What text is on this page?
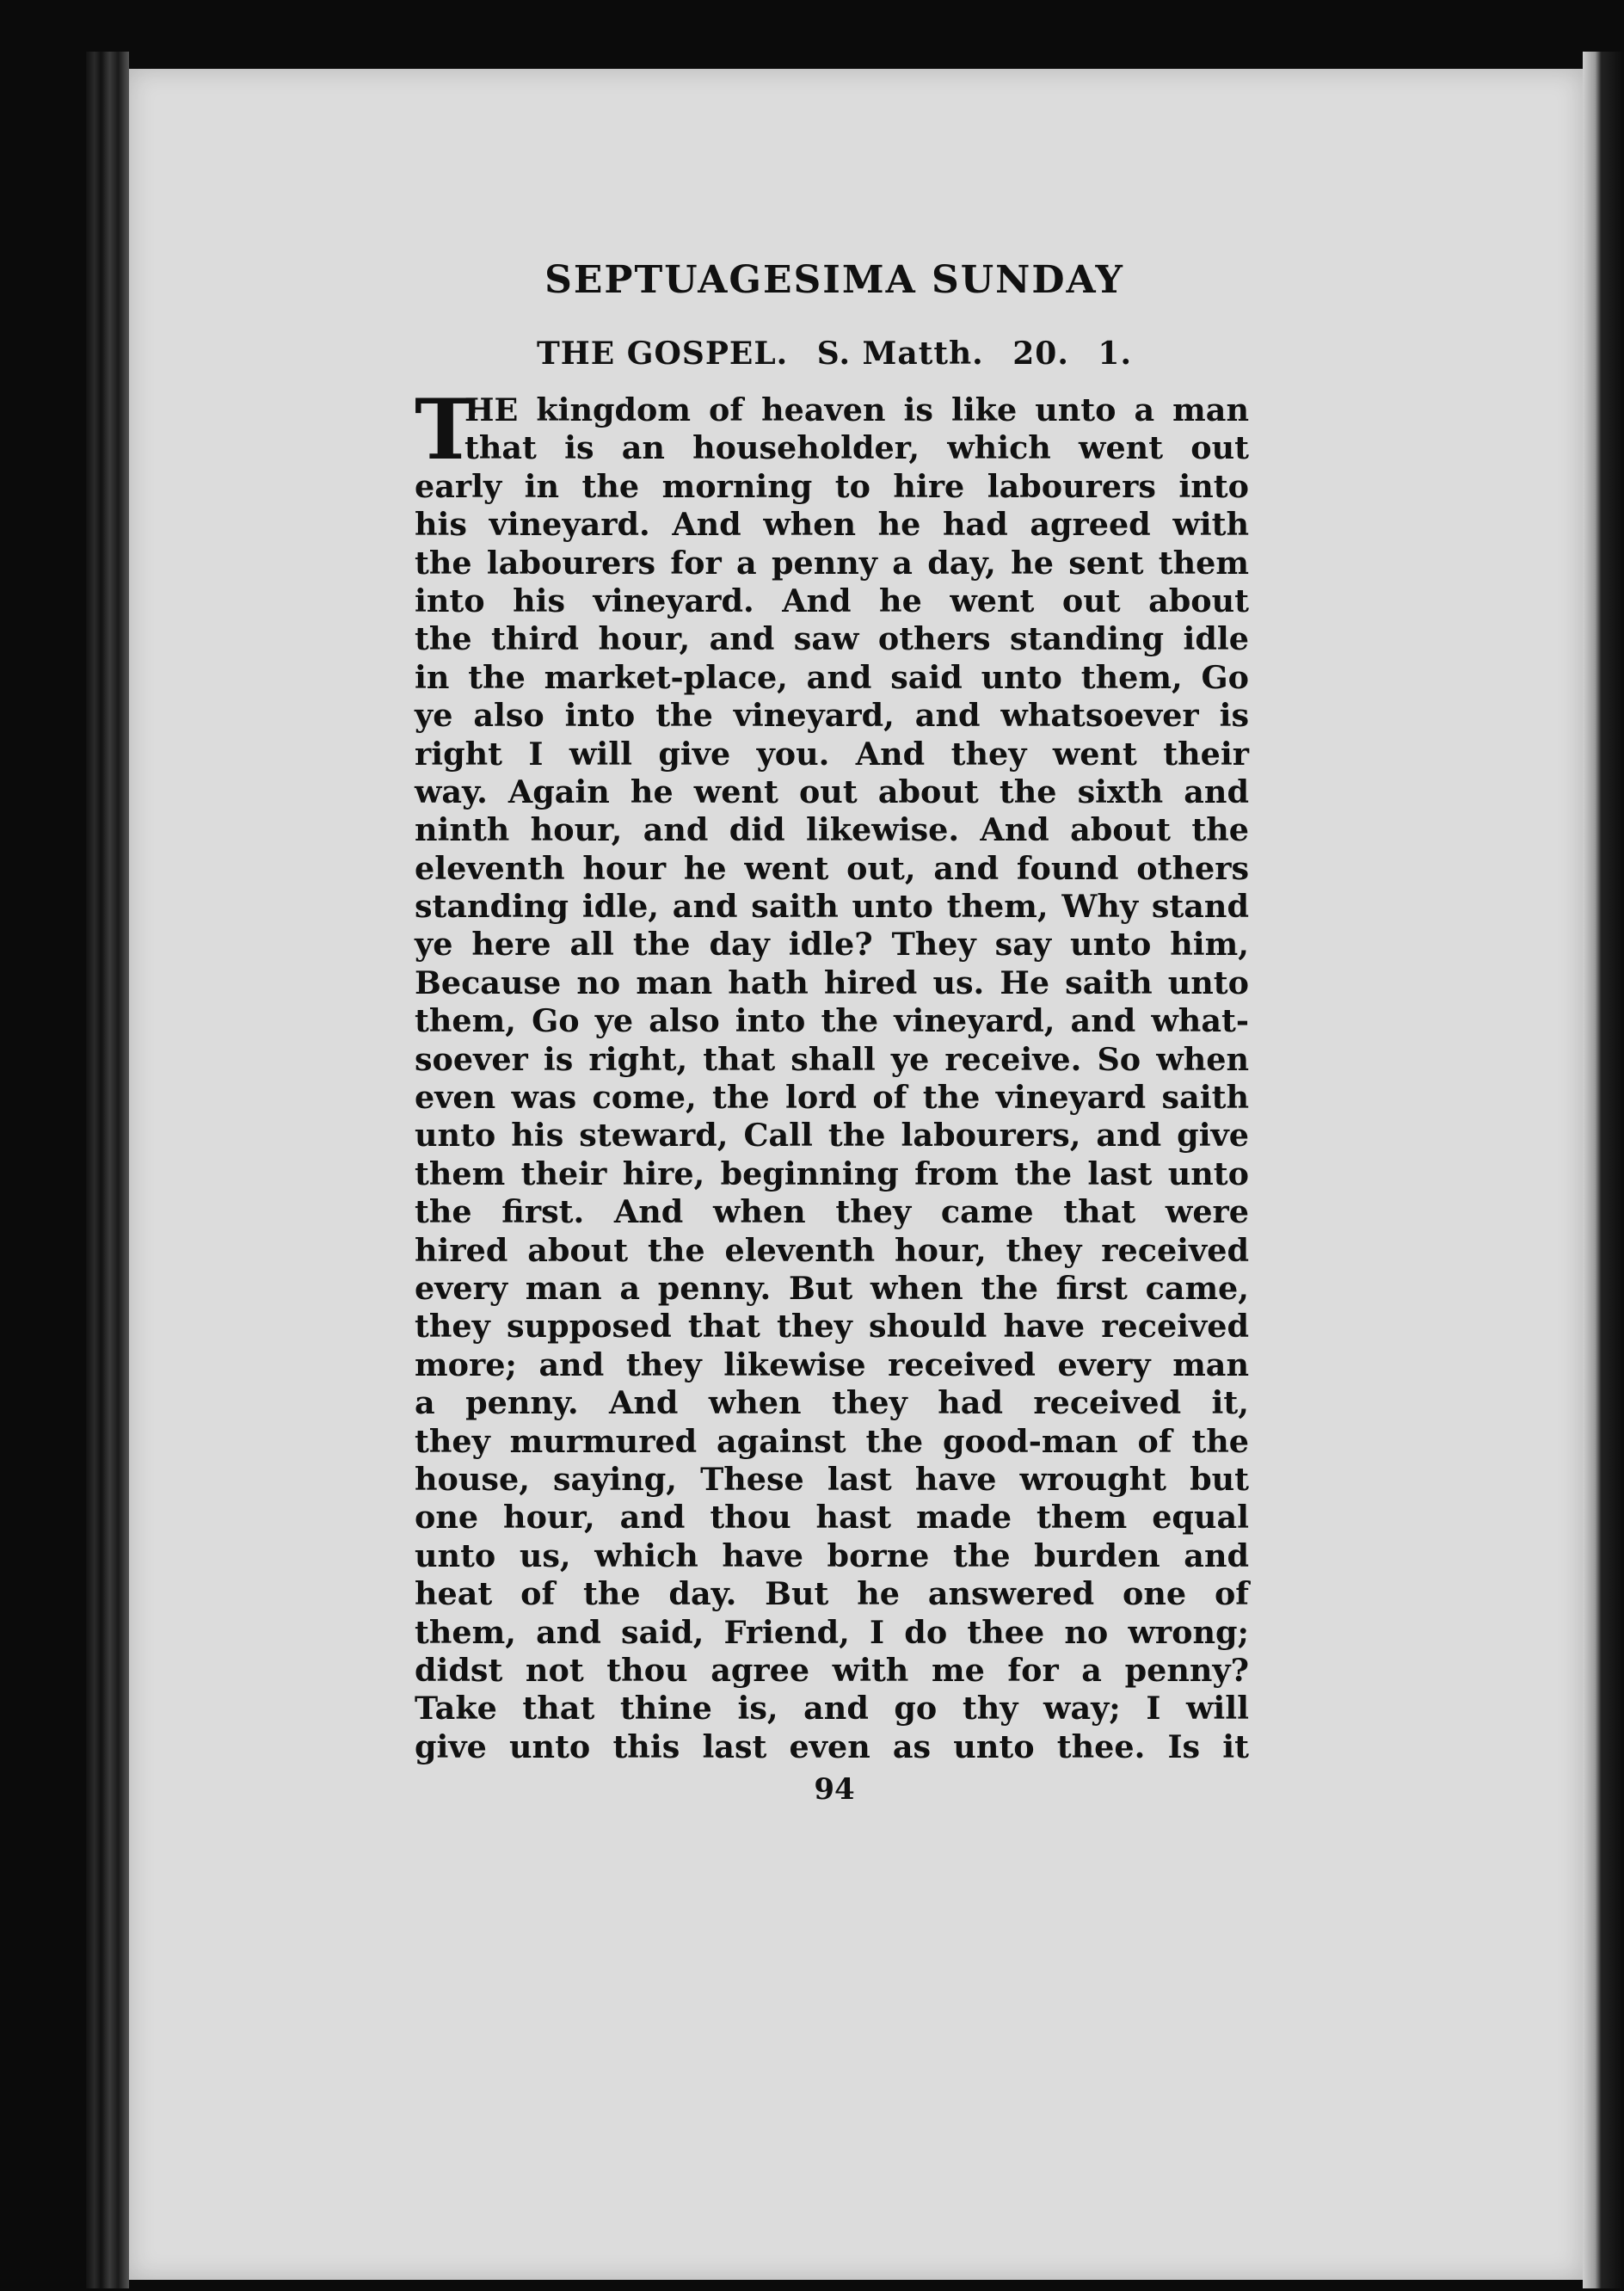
SEPTUAGESIMA SUNDAY
THE GOSPEL. S. Matth. 20. 1.
T
HE kingdom of heaven is like unto a man
that is an householder, which went out
early in the morning to hire labourers into
his vineyard. And when he had agreed with
the labourers for a penny a day, he sent them
into his vineyard. And he went out about
the third hour, and saw others standing idle
in the market-place, and said unto them, Go
ye also into the vineyard, and whatsoever is
right I will give you. And they went their
way. Again he went out about the sixth and
ninth hour, and did likewise. And about the
eleventh hour he went out, and found others
standing idle, and saith unto them, Why stand
ye here all the day idle? They say unto him,
Because no man hath hired us. He saith unto
them, Go ye also into the vineyard, and what-
soever is right, that shall ye receive. So when
even was come, the lord of the vineyard saith
unto his steward, Call the labourers, and give
them their hire, beginning from the last unto
the first. And when they came that were
hired about the eleventh hour, they received
every man a penny. But when the first came,
they supposed that they should have received
more; and they likewise received every man
a penny. And when they had received it,
they murmured against the good-man of the
house, saying, These last have wrought but
one hour, and thou hast made them equal
unto us, which have borne the burden and
heat of the day. But he answered one of
them, and said, Friend, I do thee no wrong;
didst not thou agree with me for a penny?
Take that thine is, and go thy way; I will
give unto this last even as unto thee. Is it
94
